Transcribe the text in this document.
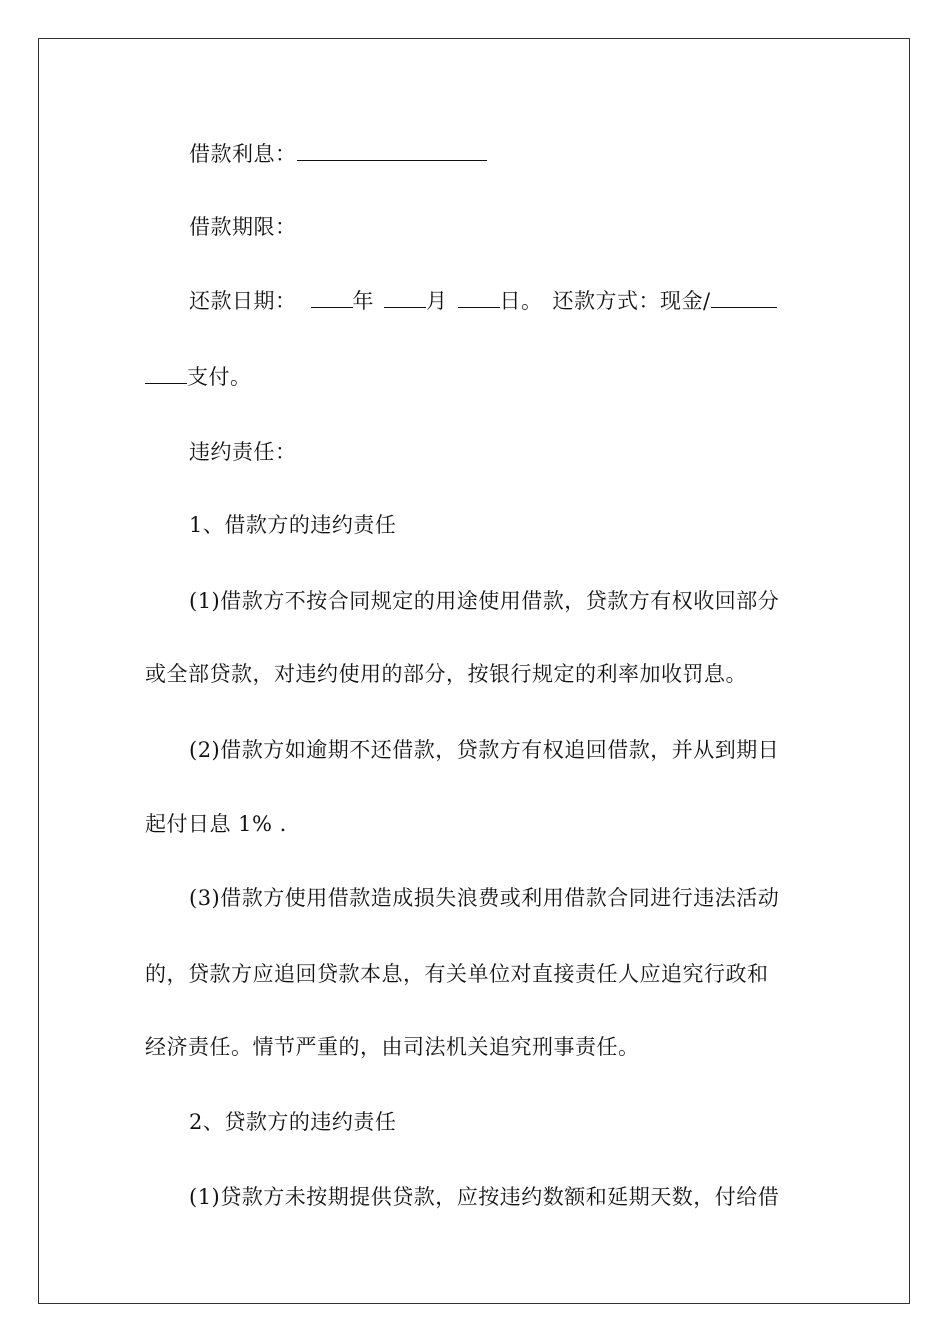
借款利息：
借款期限：
还款日期：	年 月 日。 还款方式：现金/
支付。
违约责任：
1、借款方的违约责任
(1)借款方不按合同规定的用途使用借款，贷款方有权收回部分
或全部贷款，对违约使用的部分，按银行规定的利率加收罚息。
(2)借款方如逾期不还借款，贷款方有权追回借款，并从到期日
起付日息 1% .
(3)借款方使用借款造成损失浪费或利用借款合同进行违法活动
的，贷款方应追回贷款本息，有关单位对直接责任人应追究行政和
经济责任。情节严重的，由司法机关追究刑事责任。
2、贷款方的违约责任
(1)贷款方未按期提供贷款，应按违约数额和延期天数，付给借
